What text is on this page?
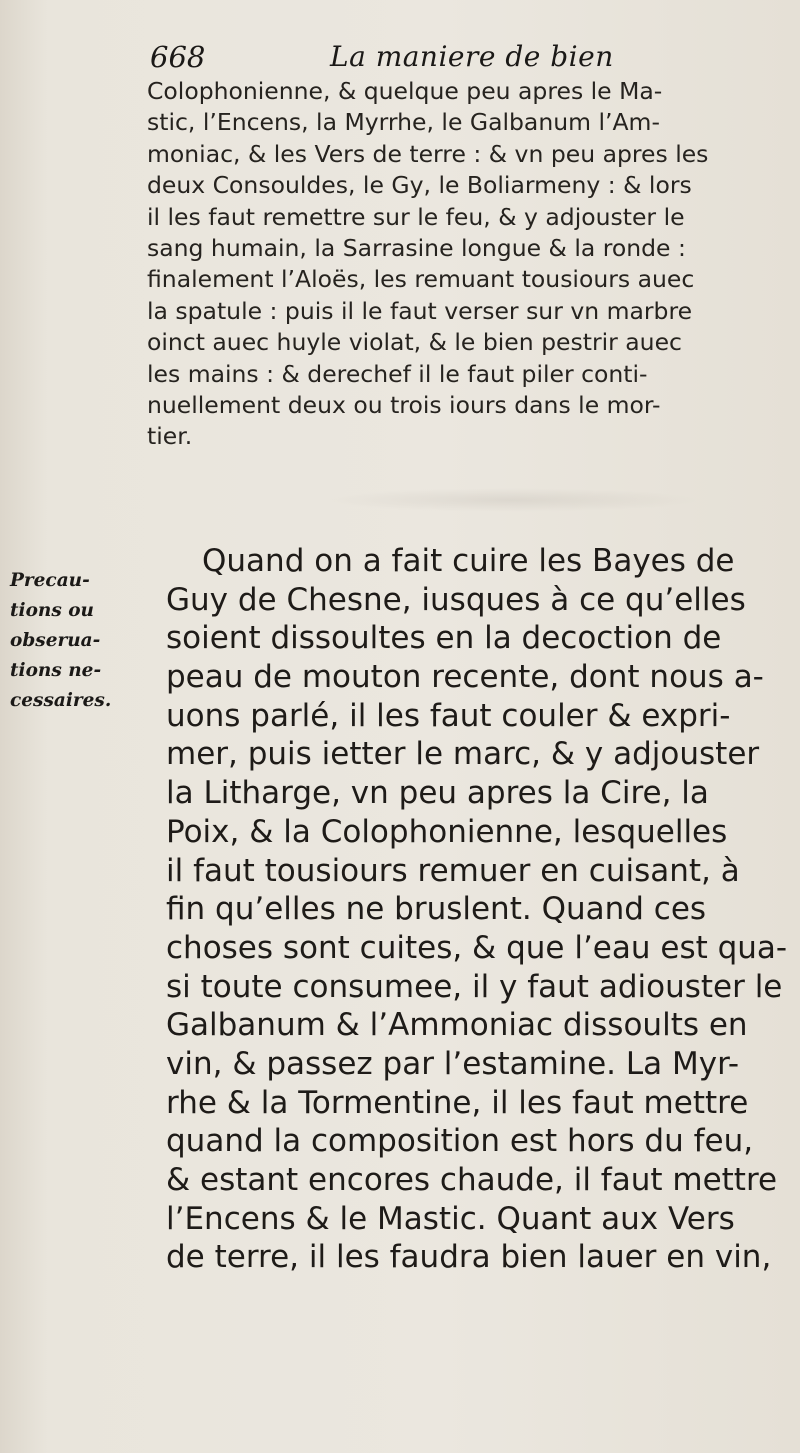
668	La maniere de bien
Colophonienne, & quelque peu apres le Ma-
stic, l’Encens, la Myrrhe, le Galbanum l’Am-
moniac, & les Vers de terre : & vn peu apres les
deux Consouldes, le Gy, le Boliarmeny : & lors
il les faut remettre sur le feu, & y adjouster le
sang humain, la Sarrasine longue & la ronde :
finalement l’Aloës, les remuant tousiours auec
la spatule : puis il le faut verser sur vn marbre
oinct auec huyle violat, & le bien pestrir auec
les mains : & derechef il le faut piler conti-
nuellement deux ou trois iours dans le mor-
tier.
Precau-
tions ou
obserua-
tions ne-
cessaires.
Quand on a fait cuire les Bayes de
Guy de Chesne, iusques à ce qu’elles
soient dissoultes en la decoction de
peau de mouton recente, dont nous a-
uons parlé, il les faut couler & expri-
mer, puis ietter le marc, & y adjouster
la Litharge, vn peu apres la Cire, la
Poix, & la Colophonienne, lesquelles
il faut tousiours remuer en cuisant, à
fin qu’elles ne bruslent. Quand ces
choses sont cuites, & que l’eau est qua-
si toute consumee, il y faut adiouster le
Galbanum & l’Ammoniac dissoults en
vin, & passez par l’estamine. La Myr-
rhe & la Tormentine, il les faut mettre
quand la composition est hors du feu,
& estant encores chaude, il faut mettre
l’Encens & le Mastic. Quant aux Vers
de terre, il les faudra bien lauer en vin,
